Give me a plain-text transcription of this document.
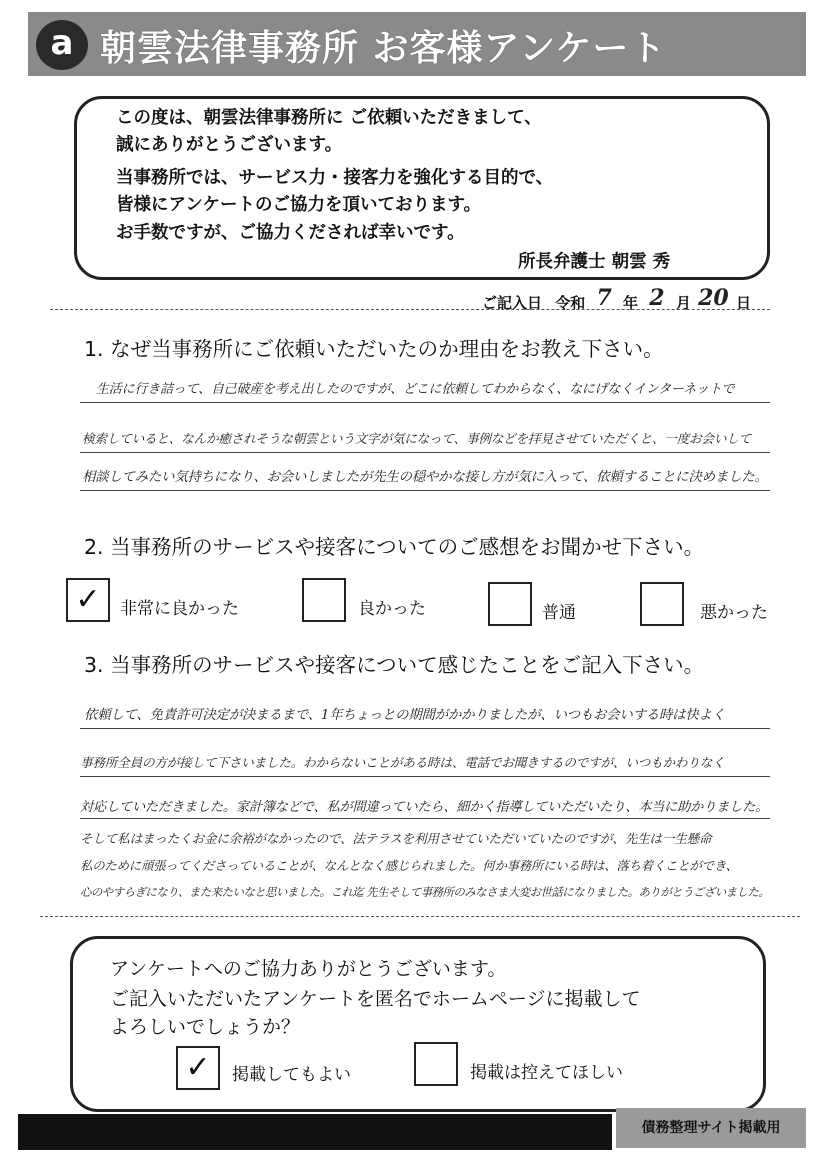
a 朝雲法律事務所 お客様アンケート
この度は、朝雲法律事務所に ご依頼いただきまして、
誠にありがとうございます。
当事務所では、サービス力・接客力を強化する目的で、
皆様にアンケートのご協力を頂いております。
お手数ですが、ご協力くだされば幸いです。
所長弁護士 朝雲 秀
ご記入日 令和 7 年 2 月 20 日
1. なぜ当事務所にご依頼いただいたのか理由をお教え下さい。
生活に行き詰って、自己破産を考え出したのですが、どこに依頼してわからなく、なにげなくインターネットで
検索していると、なんか癒されそうな朝雲という文字が気になって、事例などを拝見させていただくと、一度お会いして
相談してみたい気持ちになり、お会いしましたが先生の穏やかな接し方が気に入って、依頼することに決めました。
2. 当事務所のサービスや接客についてのご感想をお聞かせ下さい。
✓	非常に良かった	良かった	普通	悪かった
3. 当事務所のサービスや接客について感じたことをご記入下さい。
依頼して、免責許可決定が決まるまで、1年ちょっとの期間がかかりましたが、いつもお会いする時は快よく
事務所全員の方が接して下さいました。わからないことがある時は、電話でお聞きするのですが、いつもかわりなく
対応していただきました。家計簿などで、私が間違っていたら、細かく指導していただいたり、本当に助かりました。
そして私はまったくお金に余裕がなかったので、法テラスを利用させていただいていたのですが、先生は一生懸命
私のために頑張ってくださっていることが、なんとなく感じられました。何か事務所にいる時は、落ち着くことができ、
心のやすらぎになり、また来たいなと思いました。これ迄 先生そして事務所のみなさま大変お世話になりました。ありがとうございました。
アンケートへのご協力ありがとうございます。
ご記入いただいたアンケートを匿名でホームページに掲載して
よろしいでしょうか？
✓	掲載してもよい	掲載は控えてほしい
債務整理サイト掲載用
